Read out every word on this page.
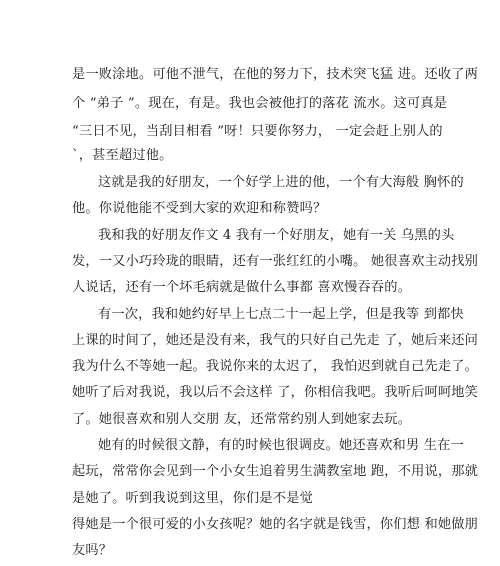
是一败涂地。可他不泄气，在他的努力下，技术突飞猛 进。还收了两
个 “弟子 ”。现在，有是。我也会被他打的落花 流水。这可真是
“三日不见，当刮目相看 ”呀！只要你努力， 一定会赶上别人的
`，甚至超过他。
这就是我的好朋友，一个好学上进的他，一个有大海般 胸怀的
他。你说他能不受到大家的欢迎和称赞吗？
我和我的好朋友作文 4 我有一个好朋友，她有一关 乌黑的头
发，一又小巧玲珑的眼睛，还有一张红红的小嘴。 她很喜欢主动找别
人说话，还有一个坏毛病就是做什么事都 喜欢慢吞吞的。
有一次，我和她约好早上七点二十一起上学，但是我等 到都快
上课的时间了，她还是没有来，我气的只好自己先走 了，她后来还问
我为什么不等她一起。我说你来的太迟了， 我怕迟到就自己先走了。
她听了后对我说，我以后不会这样 了，你相信我吧。我听后呵呵地笑
了。她很喜欢和别人交朋 友，还常常约别人到她家去玩。
她有的时候很文静，有的时候也很调皮。她还喜欢和男 生在一
起玩，常常你会见到一个小女生追着男生满教室地 跑，不用说，那就
是她了。听到我说到这里，你们是不是觉
得她是一个很可爱的小女孩呢？她的名字就是钱雪，你们想 和她做朋
友吗？
